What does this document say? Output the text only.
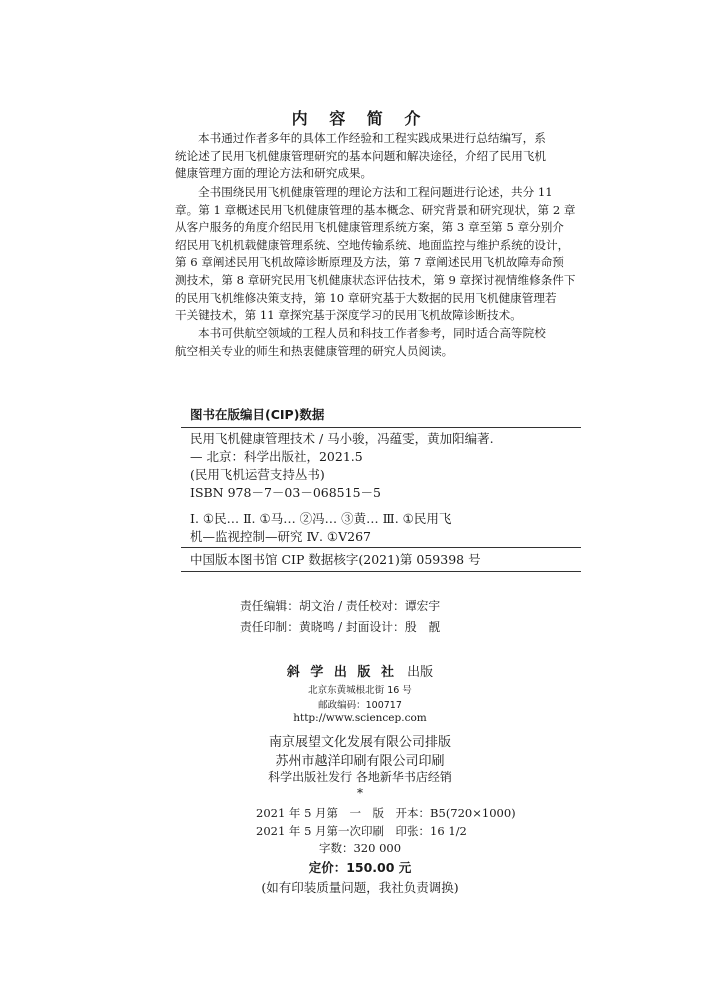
内 容 简 介
本书通过作者多年的具体工作经验和工程实践成果进行总结编写，系
统论述了民用飞机健康管理研究的基本问题和解决途径，介绍了民用飞机
健康管理方面的理论方法和研究成果。
全书围绕民用飞机健康管理的理论方法和工程问题进行论述，共分 11
章。第 1 章概述民用飞机健康管理的基本概念、研究背景和研究现状，第 2 章
从客户服务的角度介绍民用飞机健康管理系统方案，第 3 章至第 5 章分别介
绍民用飞机机载健康管理系统、空地传输系统、地面监控与维护系统的设计，
第 6 章阐述民用飞机故障诊断原理及方法，第 7 章阐述民用飞机故障寿命预
测技术，第 8 章研究民用飞机健康状态评估技术，第 9 章探讨视情维修条件下
的民用飞机维修决策支持，第 10 章研究基于大数据的民用飞机健康管理若
干关键技术，第 11 章探究基于深度学习的民用飞机故障诊断技术。
本书可供航空领域的工程人员和科技工作者参考，同时适合高等院校
航空相关专业的师生和热衷健康管理的研究人员阅读。
图书在版编目(CIP)数据
民用飞机健康管理技术 / 马小骏，冯蕴雯，黄加阳编著.
— 北京：科学出版社，2021.5
(民用飞机运营支持丛书)
ISBN 978－7－03－068515－5
Ⅰ. ①民… Ⅱ. ①马… ②冯… ③黄… Ⅲ. ①民用飞
机—监视控制—研究 Ⅳ. ①V267
中国版本图书馆 CIP 数据核字(2021)第 059398 号
责任编辑：胡文治 / 责任校对：谭宏宇
责任印制：黄晓鸣 / 封面设计：殷　靓
斜 学 出 版 社 出版
北京东黄城根北街 16 号
邮政编码：100717
http://www.sciencep.com
南京展望文化发展有限公司排版
苏州市越洋印刷有限公司印刷
科学出版社发行 各地新华书店经销
*
2021 年 5 月第　一　版　开本：B5(720×1000)
2021 年 5 月第一次印刷　印张：16 1/2
字数：320 000
定价：150.00 元
(如有印装质量问题，我社负责调换)
